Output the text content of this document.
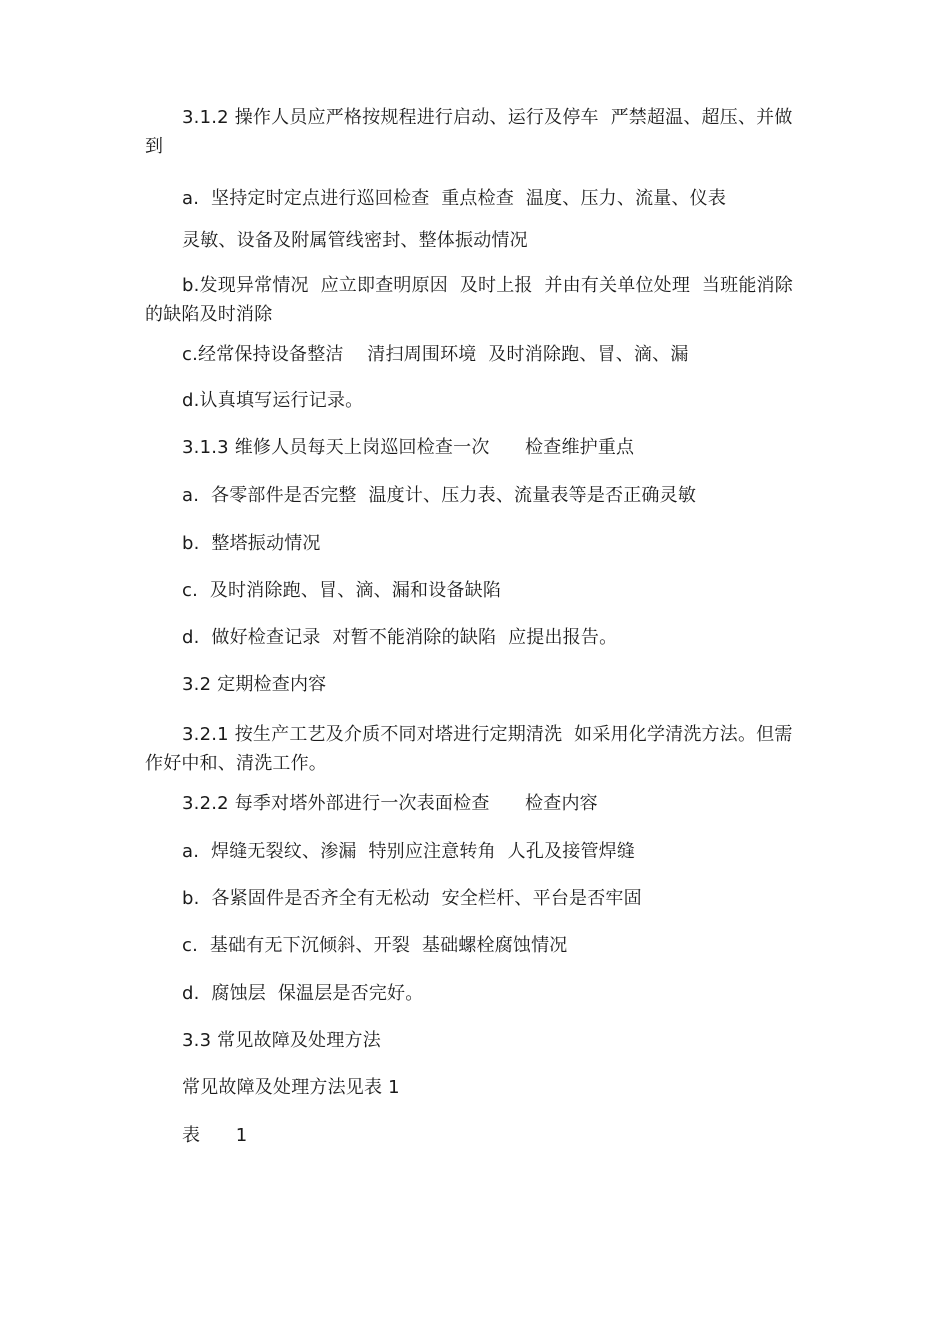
3.1.2 操作人员应严格按规程进行启动、运行及停车  严禁超温、超压、并做到
a.  坚持定时定点进行巡回检查  重点检查  温度、压力、流量、仪表
灵敏、设备及附属管线密封、整体振动情况
b.发现异常情况  应立即查明原因  及时上报  并由有关单位处理  当班能消除的缺陷及时消除
c.经常保持设备整洁    清扫周围环境  及时消除跑、冒、滴、漏
d.认真填写运行记录。
3.1.3 维修人员每天上岗巡回检查一次      检查维护重点
a.  各零部件是否完整  温度计、压力表、流量表等是否正确灵敏
b.  整塔振动情况
c.  及时消除跑、冒、滴、漏和设备缺陷
d.  做好检查记录  对暂不能消除的缺陷  应提出报告。
3.2 定期检查内容
3.2.1 按生产工艺及介质不同对塔进行定期清洗  如采用化学清洗方法。但需作好中和、清洗工作。
3.2.2 每季对塔外部进行一次表面检查      检查内容
a.  焊缝无裂纹、渗漏  特别应注意转角  人孔及接管焊缝
b.  各紧固件是否齐全有无松动  安全栏杆、平台是否牢固
c.  基础有无下沉倾斜、开裂  基础螺栓腐蚀情况
d.  腐蚀层  保温层是否完好。
3.3 常见故障及处理方法
常见故障及处理方法见表 1
表      1
